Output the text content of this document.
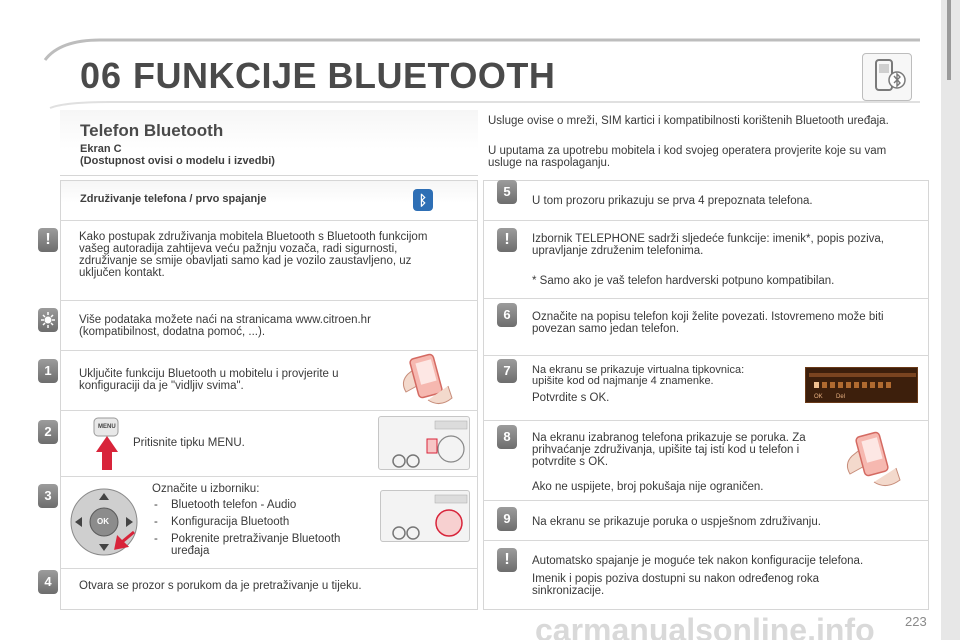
06 FUNKCIJE BLUETOOTH
Telefon Bluetooth
Ekran C
(Dostupnost ovisi o modelu i izvedbi)
Usluge ovise o mreži, SIM kartici i kompatibilnosti korištenih Bluetooth uređaja.
U uputama za upotrebu mobitela i kod svojeg operatera provjerite koje su vam usluge na raspolaganju.
Združivanje telefona / prvo spajanje	ᛒ
!	Kako postupak združivanja mobitela Bluetooth s Bluetooth funkcijom vašeg autoradija zahtijeva veću pažnju vozača, radi sigurnosti, združivanje se smije obavljati samo kad je vozilo zaustavljeno, uz uključen kontakt.
Više podataka možete naći na stranicama www.citroen.hr (kompatibilnost, dodatna pomoć, ...).
1	Uključite funkciju Bluetooth u mobitelu i provjerite u konfiguraciji da je "vidljiv svima".
2	MENU
Pritisnite tipku MENU.
3
OK
Označite u izborniku:
- Bluetooth telefon - Audio
- Konfiguracija Bluetooth
- Pokrenite pretraživanje Bluetooth uređaja
4	Otvara se prozor s porukom da je pretraživanje u tijeku.
5
U tom prozoru prikazuju se prva 4 prepoznata telefona.
!	Izbornik TELEPHONE sadrži sljedeće funkcije: imenik*, popis poziva, upravljanje združenim telefonima.
* Samo ako je vaš telefon hardverski potpuno kompatibilan.
6	Označite na popisu telefon koji želite povezati. Istovremeno može biti povezan samo jedan telefon.
7	Na ekranu se prikazuje virtualna tipkovnica: upišite kod od najmanje 4 znamenke.
Potvrdite s OK.	OK Del
8	Na ekranu izabranog telefona prikazuje se poruka. Za prihvaćanje združivanja, upišite taj isti kod u telefon i potvrdite s OK.
Ako ne uspijete, broj pokušaja nije ograničen.
9	Na ekranu se prikazuje poruka o uspješnom združivanju.
!	Automatsko spajanje je moguće tek nakon konfiguracije telefona.
Imenik i popis poziva dostupni su nakon određenog roka sinkronizacije.
carmanualsonline.info 223
